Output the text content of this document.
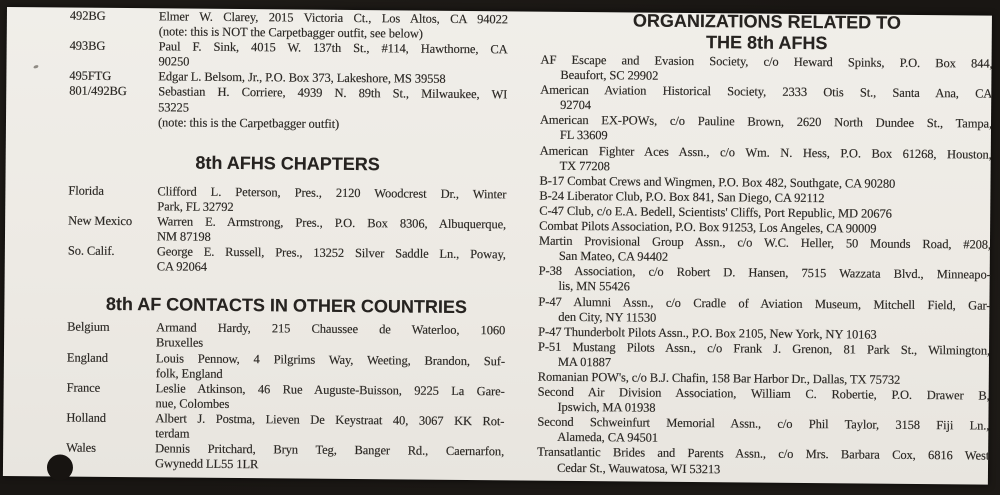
492BG	Elmer W. Clarey, 2015 Victoria Ct., Los Altos, CA 94022
(note: this is NOT the Carpetbagger outfit, see below)
493BG	Paul F. Sink, 4015 W. 137th St., #114, Hawthorne, CA
90250
495FTG	Edgar L. Belsom, Jr., P.O. Box 373, Lakeshore, MS 39558
801/492BG	Sebastian H. Corriere, 4939 N. 89th St., Milwaukee, WI
53225
(note: this is the Carpetbagger outfit)
8th AFHS CHAPTERS
Florida	Clifford L. Peterson, Pres., 2120 Woodcrest Dr., Winter
Park, FL 32792
New Mexico	Warren E. Armstrong, Pres., P.O. Box 8306, Albuquerque,
NM 87198
So. Calif.	George E. Russell, Pres., 13252 Silver Saddle Ln., Poway,
CA 92064
8th AF CONTACTS IN OTHER COUNTRIES
Belgium	Armand Hardy, 215 Chaussee de Waterloo, 1060
Bruxelles
England	Louis Pennow, 4 Pilgrims Way, Weeting, Brandon, Suf-
folk, England
France	Leslie Atkinson, 46 Rue Auguste-Buisson, 9225 La Gare-
nue, Colombes
Holland	Albert J. Postma, Lieven De Keystraat 40, 3067 KK Rot-
terdam
Wales	Dennis Pritchard, Bryn Teg, Banger Rd., Caernarfon,
Gwynedd LL55 1LR
ORGANIZATIONS RELATED TO
THE 8th AFHS
AF Escape and Evasion Society, c/o Heward Spinks, P.O. Box 844,
Beaufort, SC 29902
American Aviation Historical Society, 2333 Otis St., Santa Ana, CA
92704
American EX-POWs, c/o Pauline Brown, 2620 North Dundee St., Tampa,
FL 33609
American Fighter Aces Assn., c/o Wm. N. Hess, P.O. Box 61268, Houston,
TX 77208
B-17 Combat Crews and Wingmen, P.O. Box 482, Southgate, CA 90280
B-24 Liberator Club, P.O. Box 841, San Diego, CA 92112
C-47 Club, c/o E.A. Bedell, Scientists' Cliffs, Port Republic, MD 20676
Combat Pilots Association, P.O. Box 91253, Los Angeles, CA 90009
Martin Provisional Group Assn., c/o W.C. Heller, 50 Mounds Road, #208,
San Mateo, CA 94402
P-38 Association, c/o Robert D. Hansen, 7515 Wazzata Blvd., Minneapo-
lis, MN 55426
P-47 Alumni Assn., c/o Cradle of Aviation Museum, Mitchell Field, Gar-
den City, NY 11530
P-47 Thunderbolt Pilots Assn., P.O. Box 2105, New York, NY 10163
P-51 Mustang Pilots Assn., c/o Frank J. Grenon, 81 Park St., Wilmington,
MA 01887
Romanian POW's, c/o B.J. Chafin, 158 Bar Harbor Dr., Dallas, TX 75732
Second Air Division Association, William C. Robertie, P.O. Drawer B,
Ipswich, MA 01938
Second Schweinfurt Memorial Assn., c/o Phil Taylor, 3158 Fiji Ln.,
Alameda, CA 94501
Transatlantic Brides and Parents Assn., c/o Mrs. Barbara Cox, 6816 West
Cedar St., Wauwatosa, WI 53213
